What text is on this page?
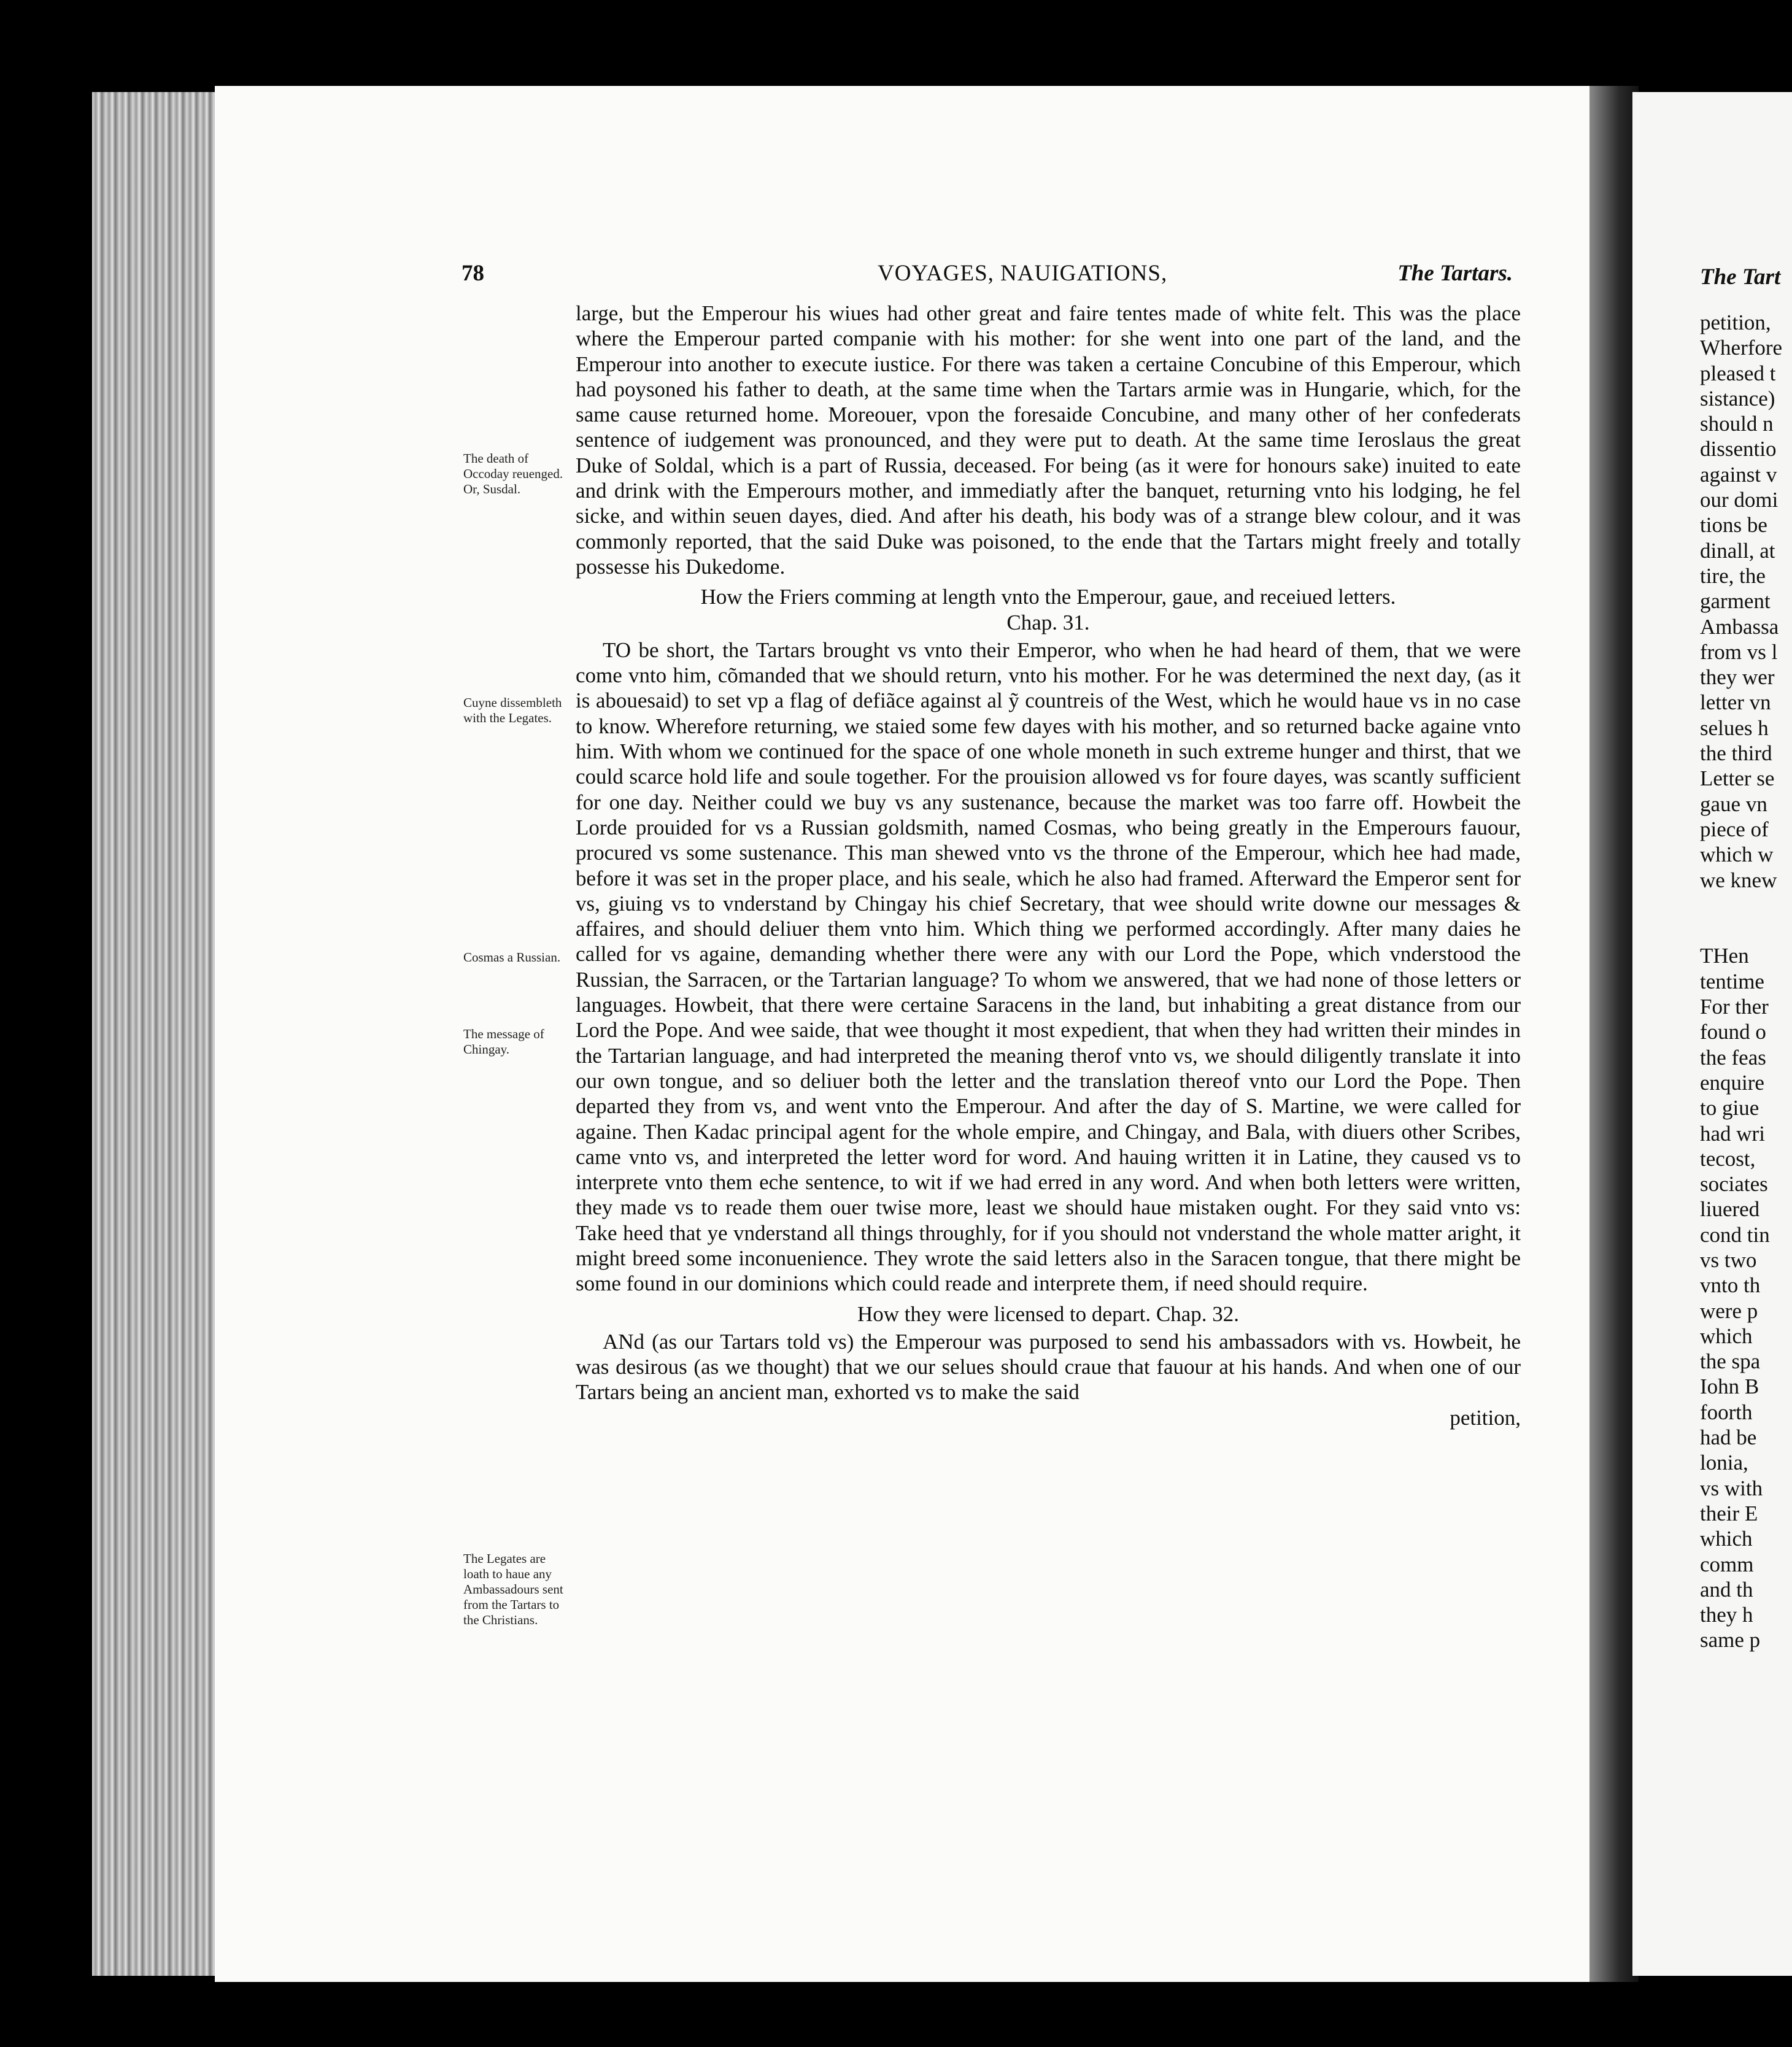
The Tart
petition,
Wherfore
pleased t
sistance)
should n
dissentio
against v
our domi
tions be
dinall, at
tire, the
garment
Ambassa
from vs l
they wer
letter vn
selues h
the third
Letter se
gaue vn
piece of
which w
we knew
THen
tentime
For ther
found o
the feas
enquire
to giue
had wri
tecost,
sociates
liuered
cond tin
vs two
vnto th
were p
which
the spa
Iohn B
foorth
had be
lonia,
vs with
their E
which
comm
and th
they h
same p
78	VOYAGES, NAUIGATIONS,	The Tartars.
The death of Occoday reuenged. Or, Susdal.
Cuyne dissembleth with the Legates.
Cosmas a Russian.
The message of Chingay.
The Legates are loath to haue any Ambassadours sent from the Tartars to the Christians.

large, but the Emperour his wiues had other great and faire tentes made of white felt. This was the place where the Emperour parted companie with his mother: for she went into one part of the land, and the Emperour into another to execute iustice. For there was taken a certaine Concubine of this Emperour, which had poysoned his father to death, at the same time when the Tartars armie was in Hungarie, which, for the same cause returned home. Moreouer, vpon the foresaide Concubine, and many other of her confederats sentence of iudgement was pronounced, and they were put to death. At the same time Ieroslaus the great Duke of Soldal, which is a part of Russia, deceased. For being (as it were for honours sake) inuited to eate and drink with the Emperours mother, and immediatly after the banquet, returning vnto his lodging, he fel sicke, and within seuen dayes, died. And after his death, his body was of a strange blew colour, and it was commonly reported, that the said Duke was poisoned, to the ende that the Tartars might freely and totally possesse his Dukedome.

How the Friers comming at length vnto the Emperour, gaue, and receiued letters.
Chap. 31.

TO be short, the Tartars brought vs vnto their Emperor, who when he had heard of them, that we were come vnto him, cõmanded that we should return, vnto his mother. For he was determined the next day, (as it is abouesaid) to set vp a flag of defiãce against al ỹ countreis of the West, which he would haue vs in no case to know. Wherefore returning, we staied some few dayes with his mother, and so returned backe againe vnto him. With whom we continued for the space of one whole moneth in such extreme hunger and thirst, that we could scarce hold life and soule together. For the prouision allowed vs for foure dayes, was scantly sufficient for one day. Neither could we buy vs any sustenance, because the market was too farre off. Howbeit the Lorde prouided for vs a Russian goldsmith, named Cosmas, who being greatly in the Emperours fauour, procured vs some sustenance. This man shewed vnto vs the throne of the Emperour, which hee had made, before it was set in the proper place, and his seale, which he also had framed. Afterward the Emperor sent for vs, giuing vs to vnderstand by Chingay his chief Secretary, that wee should write downe our messages & affaires, and should deliuer them vnto him. Which thing we performed accordingly. After many daies he called for vs againe, demanding whether there were any with our Lord the Pope, which vnderstood the Russian, the Sarracen, or the Tartarian language? To whom we answered, that we had none of those letters or languages. Howbeit, that there were certaine Saracens in the land, but inhabiting a great distance from our Lord the Pope. And wee saide, that wee thought it most expedient, that when they had written their mindes in the Tartarian language, and had interpreted the meaning therof vnto vs, we should diligently translate it into our own tongue, and so deliuer both the letter and the translation thereof vnto our Lord the Pope. Then departed they from vs, and went vnto the Emperour. And after the day of S. Martine, we were called for againe. Then Kadac principal agent for the whole empire, and Chingay, and Bala, with diuers other Scribes, came vnto vs, and interpreted the letter word for word. And hauing written it in Latine, they caused vs to interprete vnto them eche sentence, to wit if we had erred in any word. And when both letters were written, they made vs to reade them ouer twise more, least we should haue mistaken ought. For they said vnto vs: Take heed that ye vnderstand all things throughly, for if you should not vnderstand the whole matter aright, it might breed some inconuenience. They wrote the said letters also in the Saracen tongue, that there might be some found in our dominions which could reade and interprete them, if need should require.

How they were licensed to depart. Chap. 32.

ANd (as our Tartars told vs) the Emperour was purposed to send his ambassadors with vs. Howbeit, he was desirous (as we thought) that we our selues should craue that fauour at his hands. And when one of our Tartars being an ancient man, exhorted vs to make the said

petition,
